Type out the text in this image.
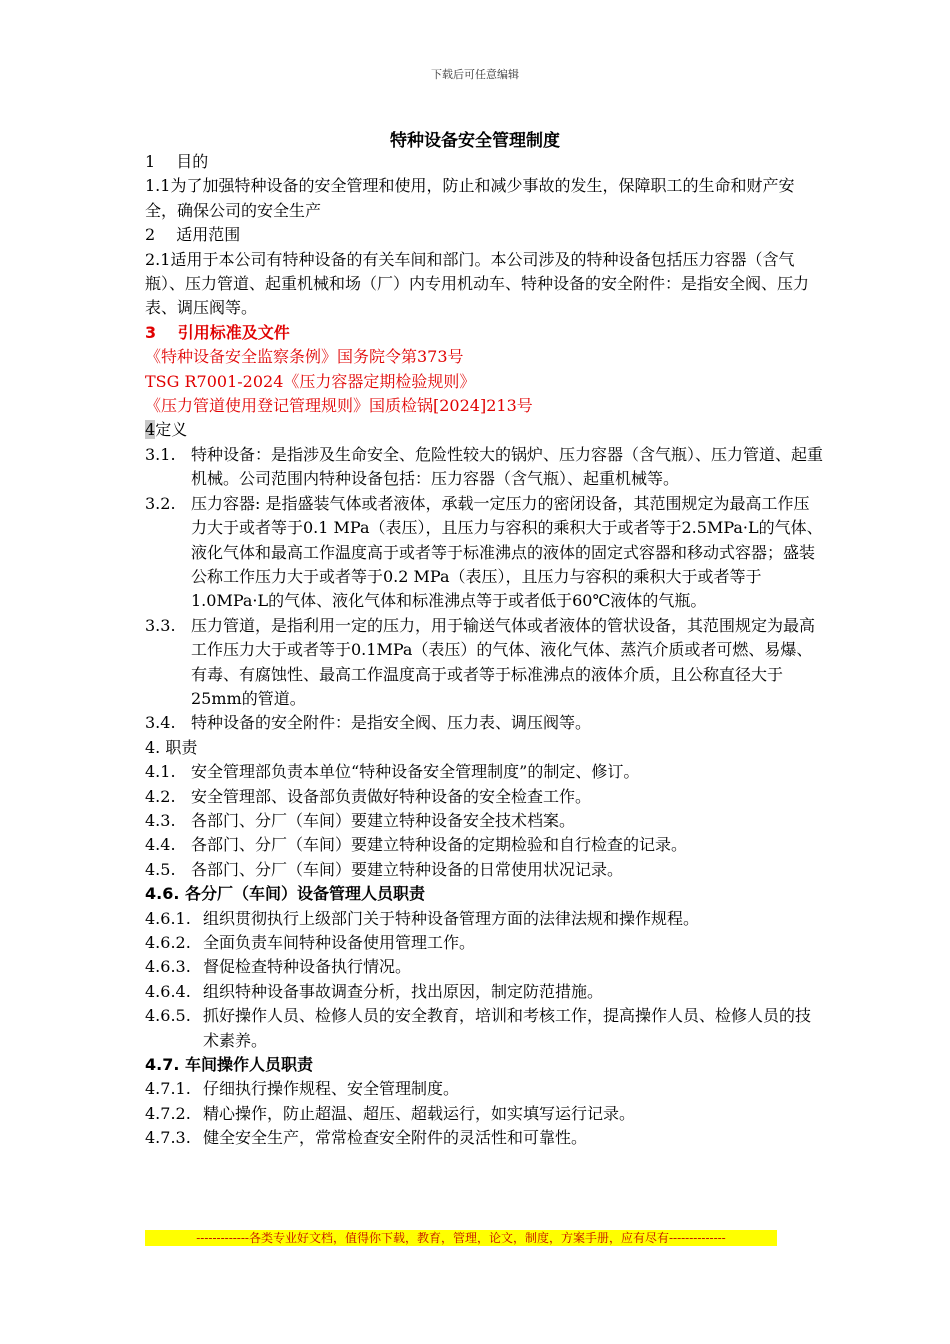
下载后可任意编辑
特种设备安全管理制度
1　 目的
1.1为了加强特种设备的安全管理和使用，防止和减少事故的发生，保障职工的生命和财产安全，确保公司的安全生产
2　 适用范围
2.1适用于本公司有特种设备的有关车间和部门。本公司涉及的特种设备包括压力容器（含气瓶）、压力管道、起重机械和场（厂）内专用机动车、特种设备的安全附件：是指安全阀、压力表、调压阀等。
3　 引用标准及文件
《特种设备安全监察条例》国务院令第373号
TSG R7001-2024《压力容器定期检验规则》
《压力管道使用登记管理规则》国质检锅[2024]213号
4定义
3.1. 特种设备：是指涉及生命安全、危险性较大的锅炉、压力容器（含气瓶）、压力管道、起重机械。公司范围内特种设备包括：压力容器（含气瓶）、起重机械等。
3.2. 压力容器: 是指盛装气体或者液体，承载一定压力的密闭设备，其范围规定为最高工作压力大于或者等于0.1 MPa（表压），且压力与容积的乘积大于或者等于2.5MPa·L的气体、液化气体和最高工作温度高于或者等于标准沸点的液体的固定式容器和移动式容器；盛装公称工作压力大于或者等于0.2 MPa（表压），且压力与容积的乘积大于或者等于1.0MPa·L的气体、液化气体和标准沸点等于或者低于60℃液体的气瓶。
3.3. 压力管道，是指利用一定的压力，用于输送气体或者液体的管状设备，其范围规定为最高工作压力大于或者等于0.1MPa（表压）的气体、液化气体、蒸汽介质或者可燃、易爆、有毒、有腐蚀性、最高工作温度高于或者等于标准沸点的液体介质，且公称直径大于25mm的管道。
3.4. 特种设备的安全附件：是指安全阀、压力表、调压阀等。
4. 职责
4.1. 安全管理部负责本单位“特种设备安全管理制度”的制定、修订。
4.2. 安全管理部、设备部负责做好特种设备的安全检查工作。
4.3. 各部门、分厂（车间）要建立特种设备安全技术档案。
4.4. 各部门、分厂（车间）要建立特种设备的定期检验和自行检查的记录。
4.5. 各部门、分厂（车间）要建立特种设备的日常使用状况记录。
4.6. 各分厂（车间）设备管理人员职责
4.6.1. 组织贯彻执行上级部门关于特种设备管理方面的法律法规和操作规程。
4.6.2. 全面负责车间特种设备使用管理工作。
4.6.3. 督促检查特种设备执行情况。
4.6.4. 组织特种设备事故调查分析，找出原因，制定防范措施。
4.6.5. 抓好操作人员、检修人员的安全教育，培训和考核工作，提高操作人员、检修人员的技术素养。
4.7. 车间操作人员职责
4.7.1. 仔细执行操作规程、安全管理制度。
4.7.2. 精心操作，防止超温、超压、超载运行，如实填写运行记录。
4.7.3. 健全安全生产，常常检查安全附件的灵活性和可靠性。
-------------各类专业好文档，值得你下载，教育，管理，论文，制度，方案手册，应有尽有--------------
